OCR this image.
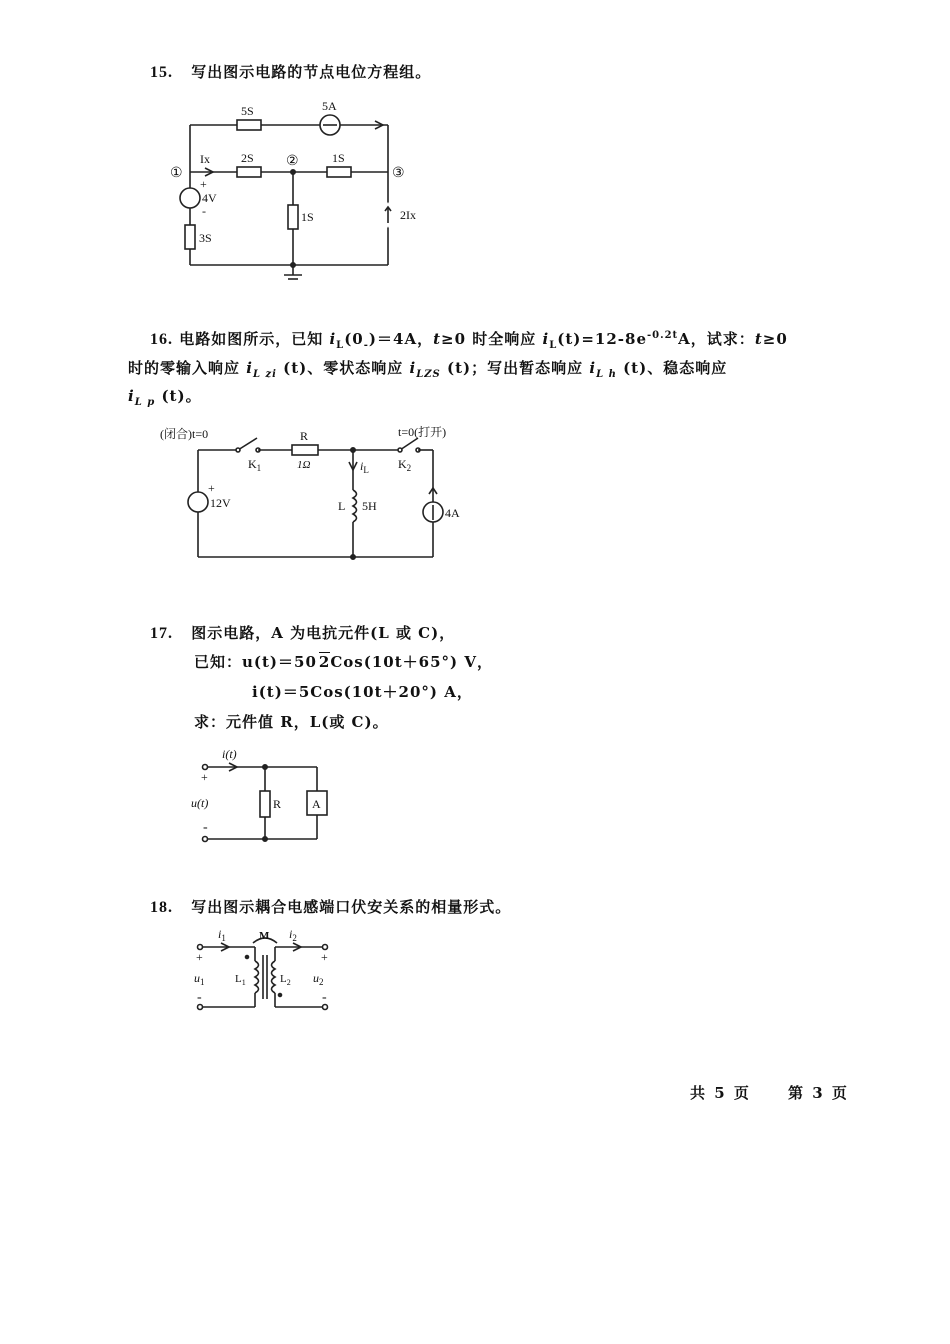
15. 写出图示电路的节点电位方程组。
5S	5A
Ix
①
2S ②	1S
③
1S
+
4V
-
3S
2Ix
16. 电路如图所示，已知 $i_L(0_-)=4A$，t≥0 时全响应 $i_L(t)=12-8e^{-0.2t}A$，试求：t≥0
时的零输入响应 $i_{L zi}$ (t)、零状态响应 $i_{LZS}$ (t)；写出暂态响应 $i_{L h}$ (t)、稳态响应
$i_{L p}$ (t)。
(闭合)t=0
$K_1$
R
1Ω
t=0(打开)
$K_2$
$i_L$
L 5H
+
12V
4A
17. 图示电路，A 为电抗元件(L 或 C)，
已知：u(t)＝50 2Cos(10t＋65°) V，
i(t)＝5Cos(10t＋20°) A，
求：元件值 R，L(或 C)。
i(t)
+
u(t)
-
R	A
18. 写出图示耦合电感端口伏安关系的相量形式。
$i_1$	M $i_2$
+	+
$u_1$	$u_2$
$L_1$	$L_2$
-	-
共 5 页 第 3 页
